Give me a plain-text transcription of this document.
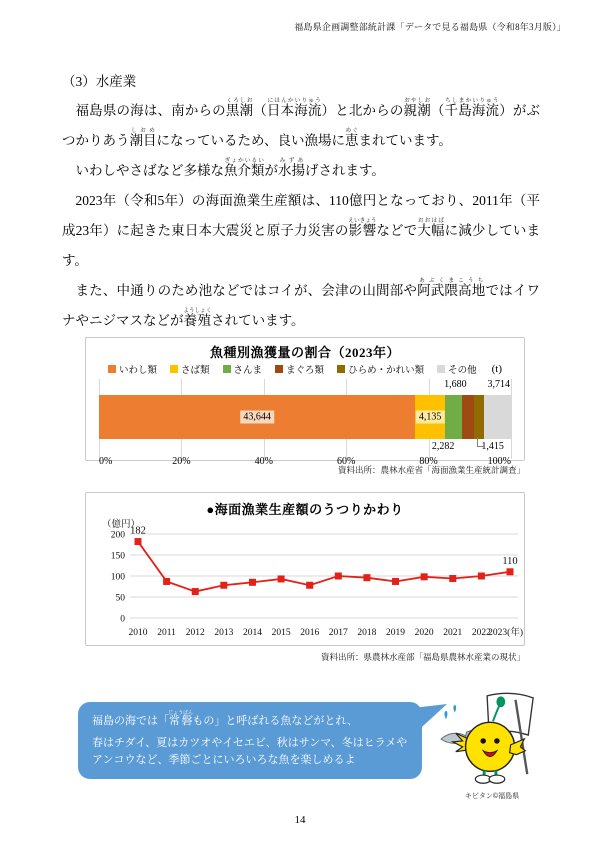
福島県企画調整部統計課「データで見る福島県（令和8年3月版）」
（3）水産業

福島県の海は、南からの黒潮くろしお（日本海流にほんかいりゅう）と北からの親潮おやしお（千島海流ちしまかいりゅう）がぶつかりあう潮目しおめになっているため、良い漁場に恵めぐまれています。

いわしやさばなど多様な魚介類ぎょかいるいが水揚みずあげされます。

2023年（令和5年）の海面漁業生産額は、110億円となっており、2011年（平成23年）に起きた東日本大震災と原子力災害の影響えいきょうなどで大幅おおはばに減少しています。

また、中通りのため池などではコイが、会津の山間部や阿武隈高地あぶくまこうちではイワナやニジマスなどが養殖ようしょくされています。

魚種別漁獲量の割合（2023年）
いわし類	さば類	さんま	まぐろ類	ひらめ・かれい類	その他 (t)
1,680 3,714
43,644	4,135
2,282	1,415
0%	20%	40%	60%	80%	100%
資料出所：農林水産省「海面漁業生産統計調査」
●海面漁業生産額のうつりかわり
0
50
100
150
200
（億円）
182
110
2010 2011 2012 2013 2014 2015 2016 2017 2018 2019 2020 2021 2022
2023(年)
資料出所：県農林水産部「福島県農林水産業の現状」
福島の海では「常磐じょうばんもの」と呼ばれる魚などがとれ、
春はチダイ、夏はカツオやイセエビ、秋はサンマ、冬はヒラメや
アンコウなど、季節ごとにいろいろな魚を楽しめるよ
キビタン©福島県
14
